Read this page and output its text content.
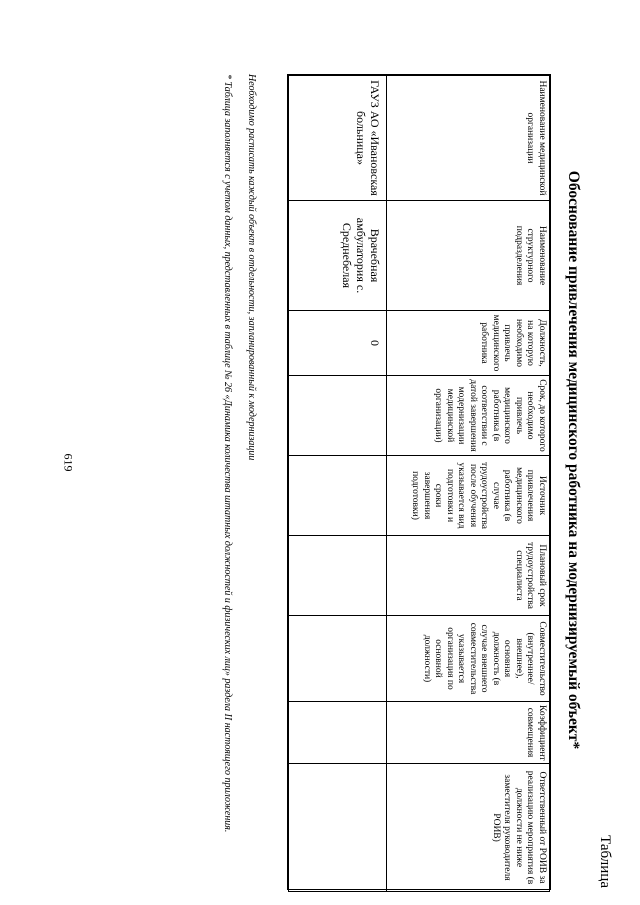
619
Таблица
Обоснование привлечения медицинского работника на модернизируемый объект*
Наименование медицинской организации	Наименование структурного подразделения	Должность, на которую необходимо привлечь медицинского работника	Срок, до которого необходимо привлечь медицинского работника (в соответствии с датой завершения модернизации медицинской организации)	Источник привлечения медицинского работника (в случае трудоустройства после обучения указывается вид подготовки и сроки завершения подготовки)	Плановый срок трудоустройства специалиста	Совместительство (внутреннее/ внешнее), основная должность (в случае внешнего совместительства указывается организация по основной должности)	Коэффициент совмещения	Ответственный от РОИВ за реализацию мероприятия (в должности не ниже заместителя руководителя РОИВ)
ГАУЗ АО «Ивановская больница»	Врачебная амбулатория с. Среднебелая	0						
Необходимо расписать каждый объект в отдельности, запланированный к модернизации
* Таблица заполняется с учетом данных, представленных в таблице № 26 «Динамика количества штатных должностей и физических лиц» раздела II настоящего приложения.
